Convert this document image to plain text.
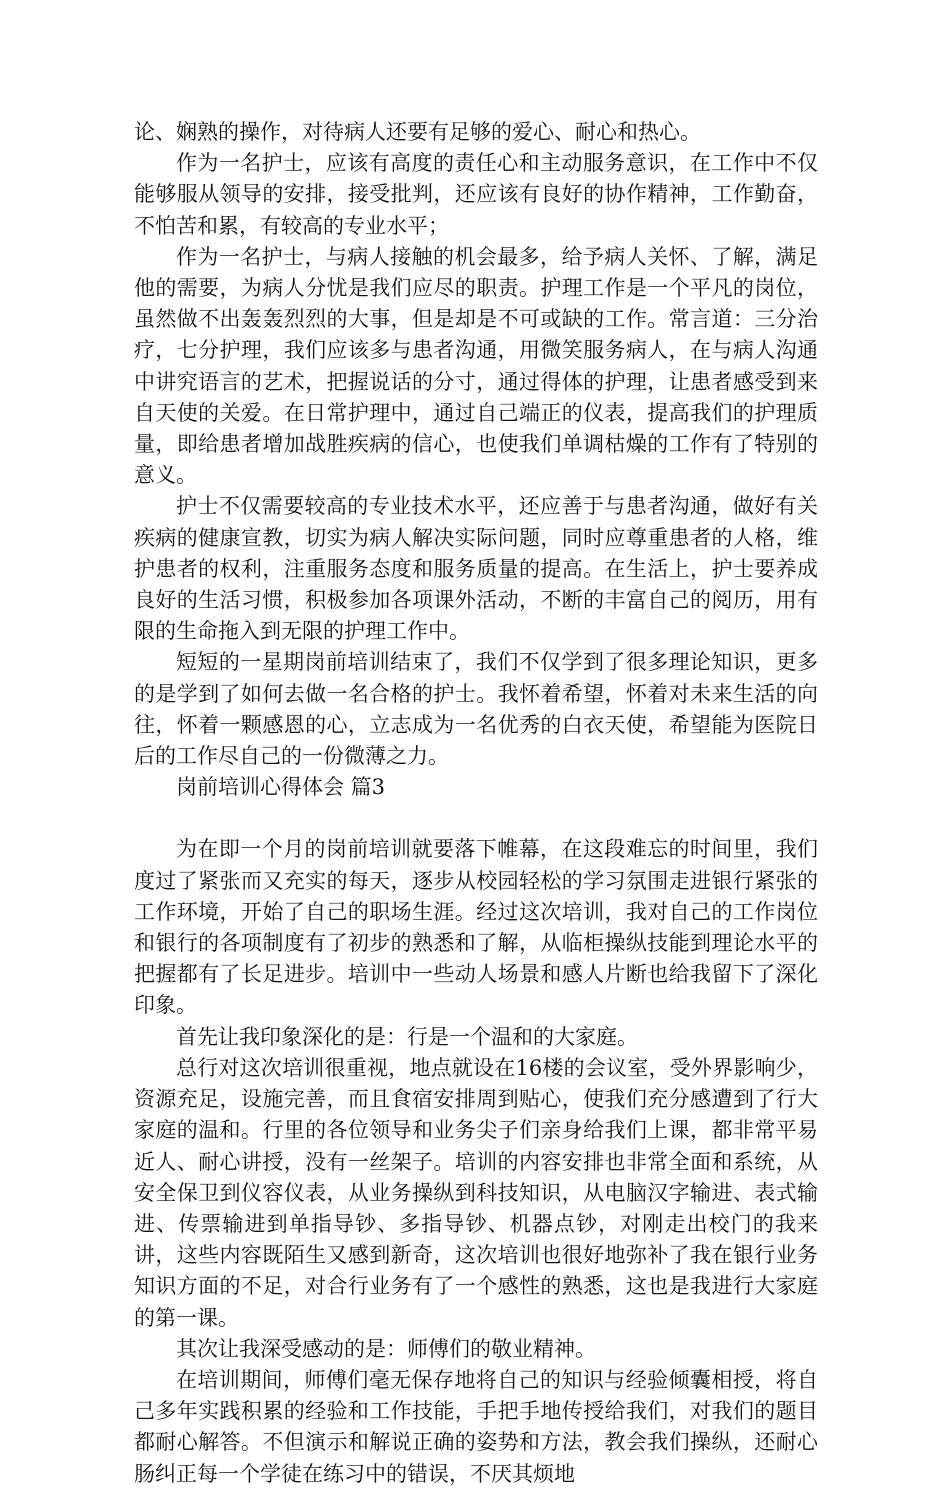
论、娴熟的操作，对待病人还要有足够的爱心、耐心和热心。

作为一名护士，应该有高度的责任心和主动服务意识，在工作中不仅能够服从领导的安排，接受批判，还应该有良好的协作精神，工作勤奋，不怕苦和累，有较高的专业水平；

作为一名护士，与病人接触的机会最多，给予病人关怀、了解，满足他的需要，为病人分忧是我们应尽的职责。护理工作是一个平凡的岗位，虽然做不出轰轰烈烈的大事，但是却是不可或缺的工作。常言道：三分治疗，七分护理，我们应该多与患者沟通，用微笑服务病人，在与病人沟通中讲究语言的艺术，把握说话的分寸，通过得体的护理，让患者感受到来自天使的关爱。在日常护理中，通过自己端正的仪表，提高我们的护理质量，即给患者增加战胜疾病的信心，也使我们单调枯燥的工作有了特别的意义。

护士不仅需要较高的专业技术水平，还应善于与患者沟通，做好有关疾病的健康宣教，切实为病人解决实际问题，同时应尊重患者的人格，维护患者的权利，注重服务态度和服务质量的提高。在生活上，护士要养成良好的生活习惯，积极参加各项课外活动，不断的丰富自己的阅历，用有限的生命拖入到无限的护理工作中。

短短的一星期岗前培训结束了，我们不仅学到了很多理论知识，更多的是学到了如何去做一名合格的护士。我怀着希望，怀着对未来生活的向往，怀着一颗感恩的心，立志成为一名优秀的白衣天使，希望能为医院日后的工作尽自己的一份微薄之力。

岗前培训心得体会 篇3

为在即一个月的岗前培训就要落下帷幕，在这段难忘的时间里，我们度过了紧张而又充实的每天，逐步从校园轻松的学习氛围走进银行紧张的工作环境，开始了自己的职场生涯。经过这次培训，我对自己的工作岗位和银行的各项制度有了初步的熟悉和了解，从临柜操纵技能到理论水平的把握都有了长足进步。培训中一些动人场景和感人片断也给我留下了深化印象。

首先让我印象深化的是：行是一个温和的大家庭。

总行对这次培训很重视，地点就设在16楼的会议室，受外界影响少，资源充足，设施完善，而且食宿安排周到贴心，使我们充分感遭到了行大家庭的温和。行里的各位领导和业务尖子们亲身给我们上课，都非常平易近人、耐心讲授，没有一丝架子。培训的内容安排也非常全面和系统，从安全保卫到仪容仪表，从业务操纵到科技知识，从电脑汉字输进、表式输进、传票输进到单指导钞、多指导钞、机器点钞，对刚走出校门的我来讲，这些内容既陌生又感到新奇，这次培训也很好地弥补了我在银行业务知识方面的不足，对合行业务有了一个感性的熟悉，这也是我进行大家庭的第一课。

其次让我深受感动的是：师傅们的敬业精神。

在培训期间，师傅们毫无保存地将自己的知识与经验倾囊相授，将自己多年实践积累的经验和工作技能，手把手地传授给我们，对我们的题目都耐心解答。不但演示和解说正确的姿势和方法，教会我们操纵，还耐心肠纠正每一个学徒在练习中的错误，不厌其烦地
